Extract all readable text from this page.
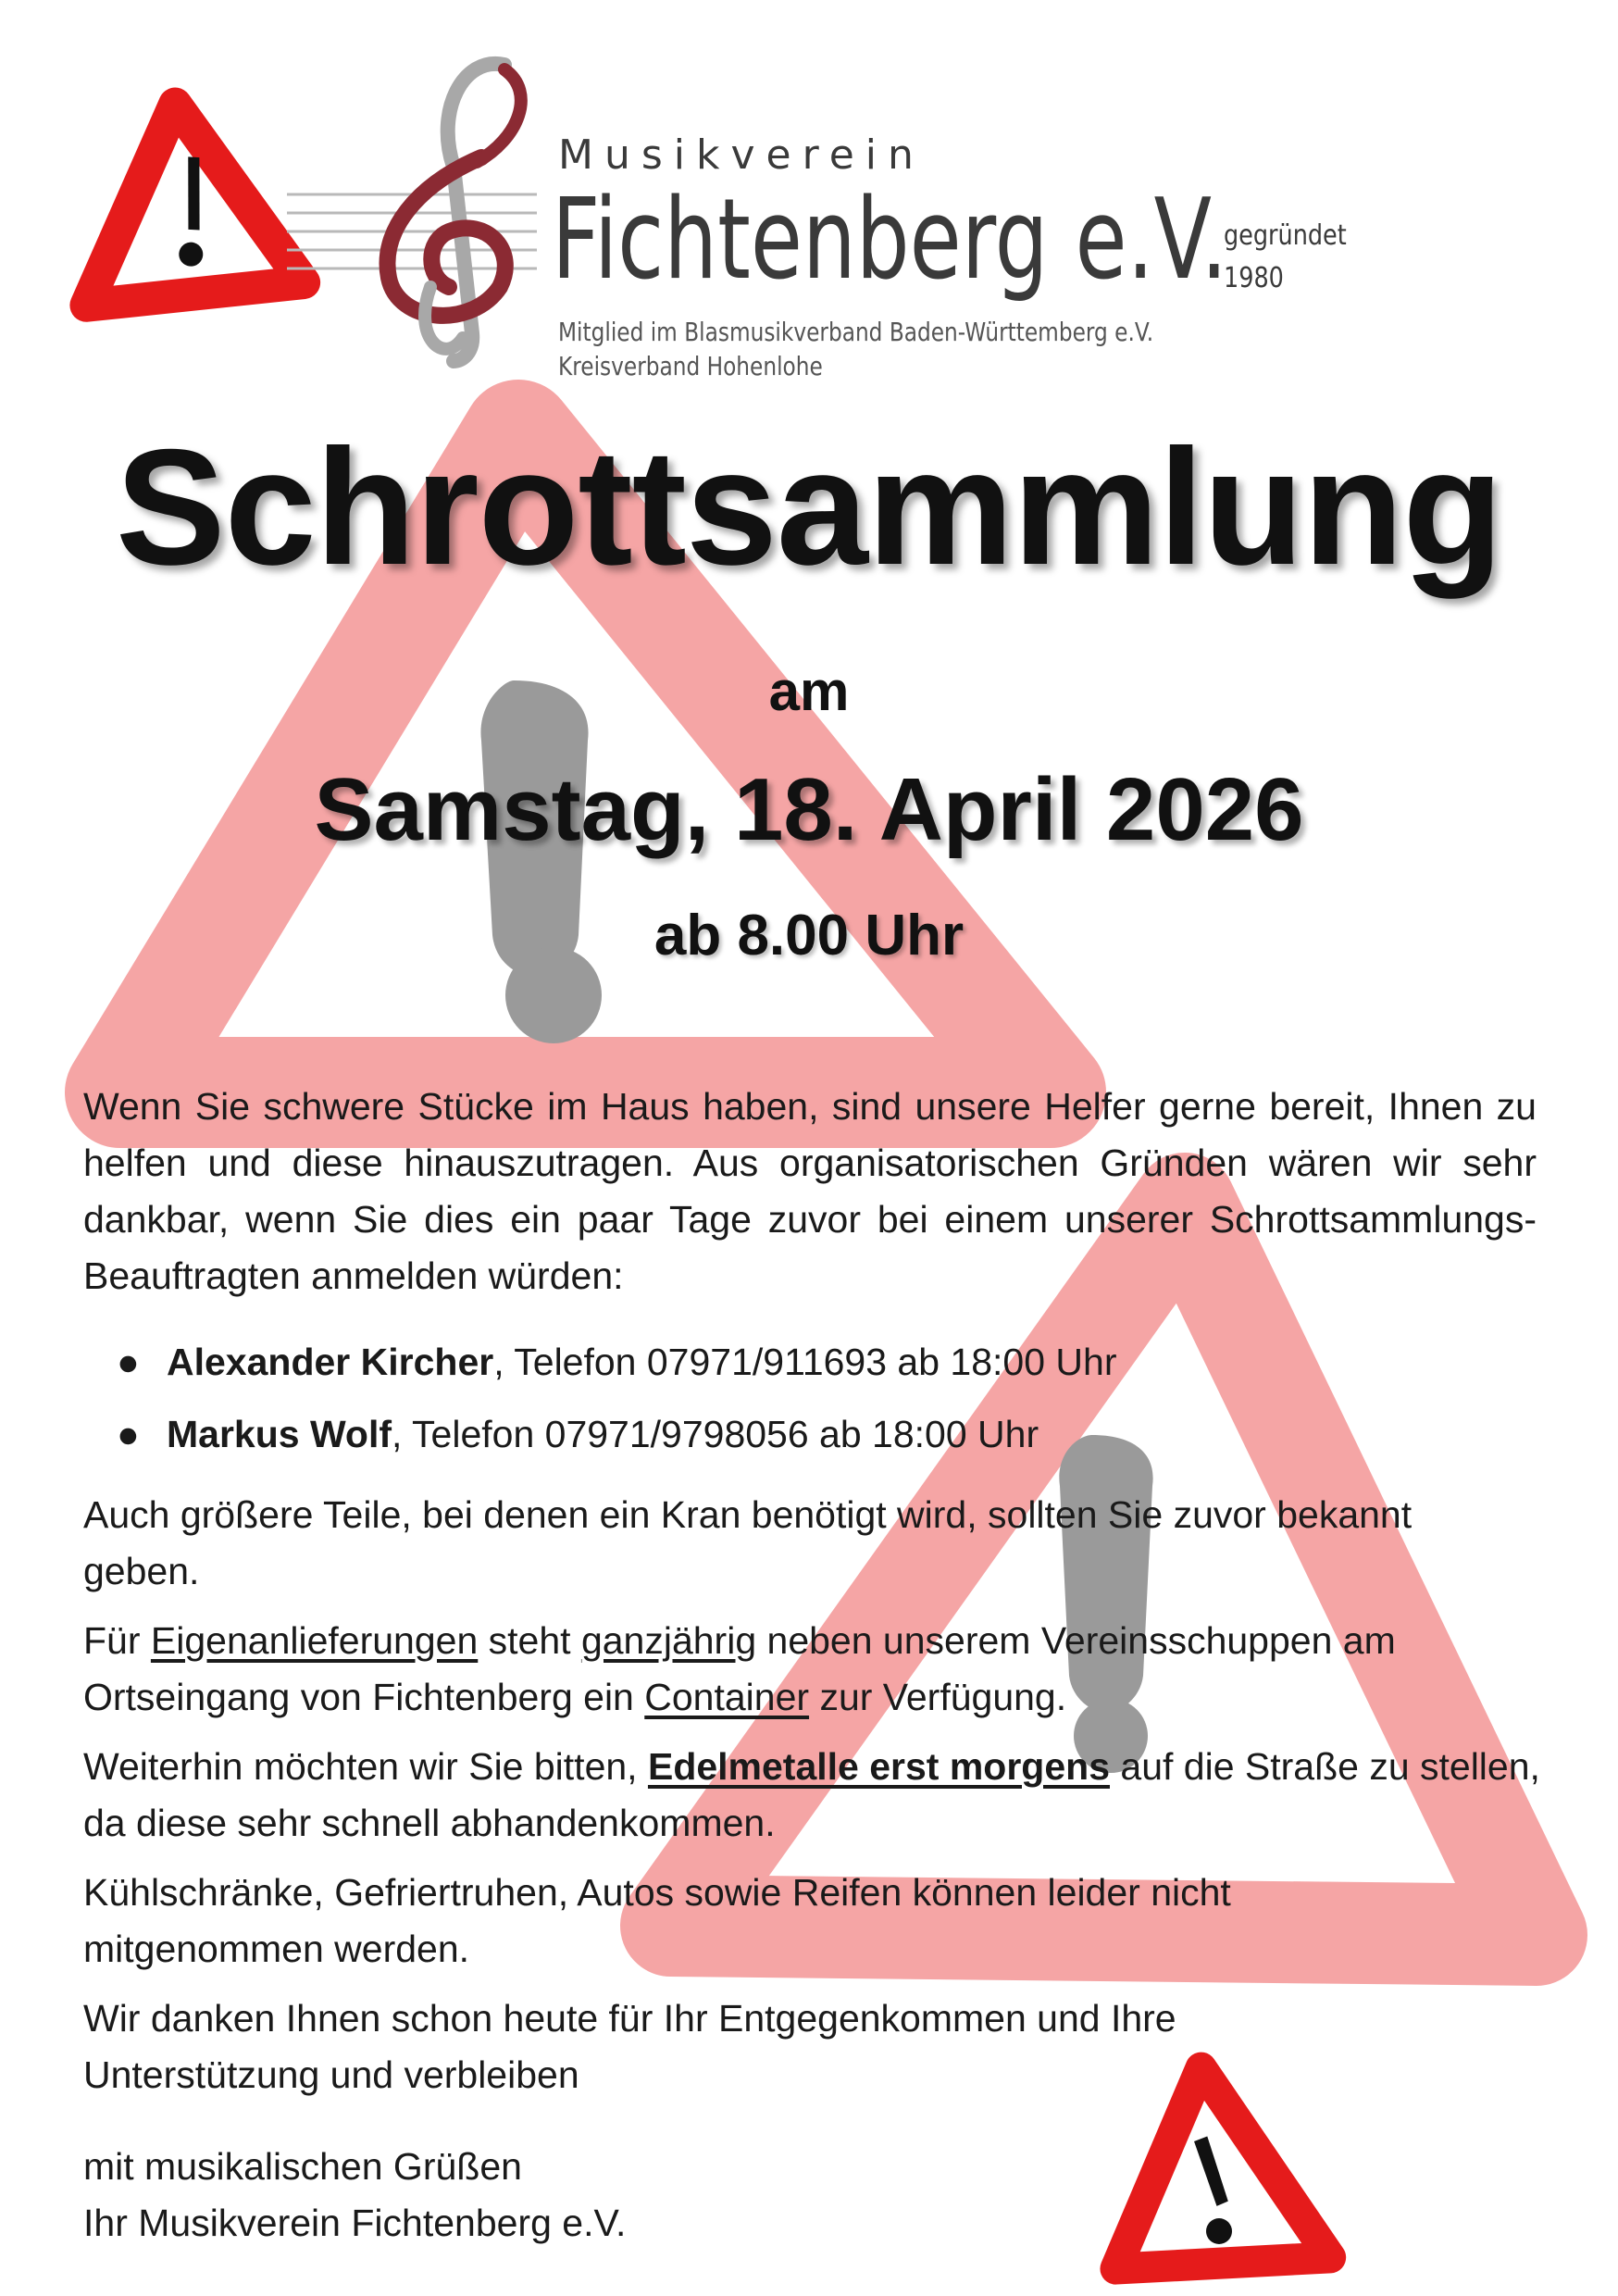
Musikverein
Fichtenberg e.V.
gegründet
1980
Mitglied im Blasmusikverband Baden-Württemberg e.V.
Kreisverband Hohenlohe
Schrottsammlung
am
Samstag, 18. April 2026
ab 8.00 Uhr
Wenn Sie schwere Stücke im Haus haben, sind unsere Helfer gerne bereit, Ihnen zu helfen und diese hinauszutragen. Aus organisatorischen Gründen wären wir sehr dankbar, wenn Sie dies ein paar Tage zuvor bei einem unserer Schrottsammlungs-Beauftragten anmelden würden:
● Alexander Kircher, Telefon 07971/911693 ab 18:00 Uhr
● Markus Wolf, Telefon 07971/9798056 ab 18:00 Uhr
Auch größere Teile, bei denen ein Kran benötigt wird, sollten Sie zuvor bekannt geben.
Für Eigenanlieferungen steht ganzjährig neben unserem Vereinsschuppen am Ortseingang von Fichtenberg ein Container zur Verfügung.
Weiterhin möchten wir Sie bitten, Edelmetalle erst morgens auf die Straße zu stellen, da diese sehr schnell abhandenkommen.
Kühlschränke, Gefriertruhen, Autos sowie Reifen können leider nicht mitgenommen werden.
Wir danken Ihnen schon heute für Ihr Entgegenkommen und Ihre Unterstützung und verbleiben
mit musikalischen Grüßen
Ihr Musikverein Fichtenberg e.V.
